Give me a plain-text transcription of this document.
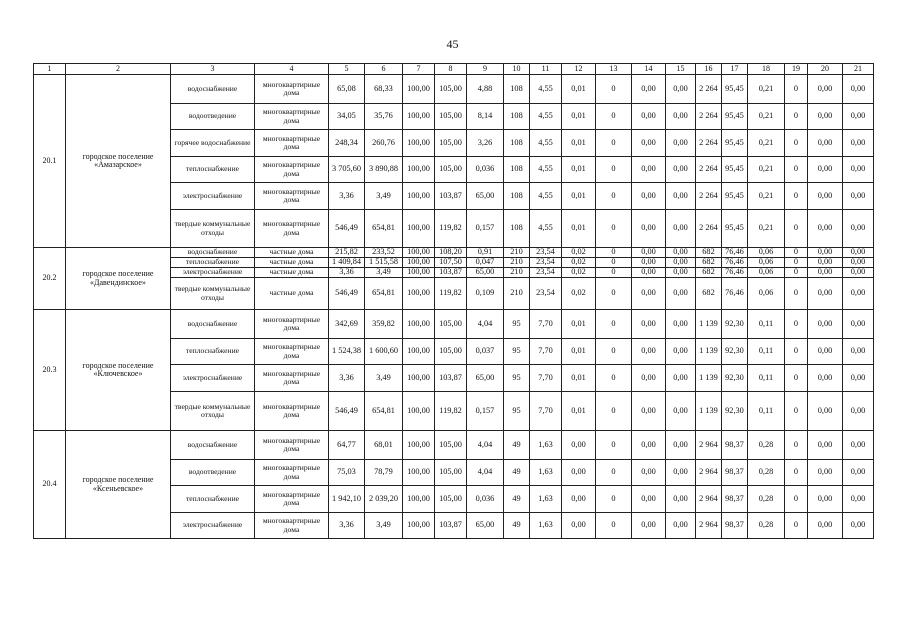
45
1	2	3	4	5	6	7	8	9	10	11	12	13	14	15	16	17	18	19	20	21
20.1	городское поселение «Амазарское»	водоснабжение	многоквартирные дома	65,08	68,33	100,00	105,00	4,88	108	4,55	0,01	0	0,00	0,00	2 264	95,45	0,21	0	0,00	0,00
		водоотведение	многоквартирные дома	34,05	35,76	100,00	105,00	8,14	108	4,55	0,01	0	0,00	0,00	2 264	95,45	0,21	0	0,00	0,00
		горячее водоснабжение	многоквартирные дома	248,34	260,76	100,00	105,00	3,26	108	4,55	0,01	0	0,00	0,00	2 264	95,45	0,21	0	0,00	0,00
		теплоснабжение	многоквартирные дома	3 705,60	3 890,88	100,00	105,00	0,036	108	4,55	0,01	0	0,00	0,00	2 264	95,45	0,21	0	0,00	0,00
		электроснабжение	многоквартирные дома	3,36	3,49	100,00	103,87	65,00	108	4,55	0,01	0	0,00	0,00	2 264	95,45	0,21	0	0,00	0,00
		твердые коммунальные отходы	многоквартирные дома	546,49	654,81	100,00	119,82	0,157	108	4,55	0,01	0	0,00	0,00	2 264	95,45	0,21	0	0,00	0,00
20.2	городское поселение «Давендинское»	водоснабжение	частные дома	215,82	233,52	100,00	108,20	0,91	210	23,54	0,02	0	0,00	0,00	682	76,46	0,06	0	0,00	0,00
		теплоснабжение	частные дома	1 409,84	1 515,58	100,00	107,50	0,047	210	23,54	0,02	0	0,00	0,00	682	76,46	0,06	0	0,00	0,00
		электроснабжение	частные дома	3,36	3,49	100,00	103,87	65,00	210	23,54	0,02	0	0,00	0,00	682	76,46	0,06	0	0,00	0,00
		твердые коммунальные отходы	частные дома	546,49	654,81	100,00	119,82	0,109	210	23,54	0,02	0	0,00	0,00	682	76,46	0,06	0	0,00	0,00
20.3	городское поселение «Ключевское»	водоснабжение	многоквартирные дома	342,69	359,82	100,00	105,00	4,04	95	7,70	0,01	0	0,00	0,00	1 139	92,30	0,11	0	0,00	0,00
		теплоснабжение	многоквартирные дома	1 524,38	1 600,60	100,00	105,00	0,037	95	7,70	0,01	0	0,00	0,00	1 139	92,30	0,11	0	0,00	0,00
		электроснабжение	многоквартирные дома	3,36	3,49	100,00	103,87	65,00	95	7,70	0,01	0	0,00	0,00	1 139	92,30	0,11	0	0,00	0,00
		твердые коммунальные отходы	многоквартирные дома	546,49	654,81	100,00	119,82	0,157	95	7,70	0,01	0	0,00	0,00	1 139	92,30	0,11	0	0,00	0,00
20.4	городское поселение «Ксеньевское»	водоснабжение	многоквартирные дома	64,77	68,01	100,00	105,00	4,04	49	1,63	0,00	0	0,00	0,00	2 964	98,37	0,28	0	0,00	0,00
		водоотведение	многоквартирные дома	75,03	78,79	100,00	105,00	4,04	49	1,63	0,00	0	0,00	0,00	2 964	98,37	0,28	0	0,00	0,00
		теплоснабжение	многоквартирные дома	1 942,10	2 039,20	100,00	105,00	0,036	49	1,63	0,00	0	0,00	0,00	2 964	98,37	0,28	0	0,00	0,00
		электроснабжение	многоквартирные дома	3,36	3,49	100,00	103,87	65,00	49	1,63	0,00	0	0,00	0,00	2 964	98,37	0,28	0	0,00	0,00
